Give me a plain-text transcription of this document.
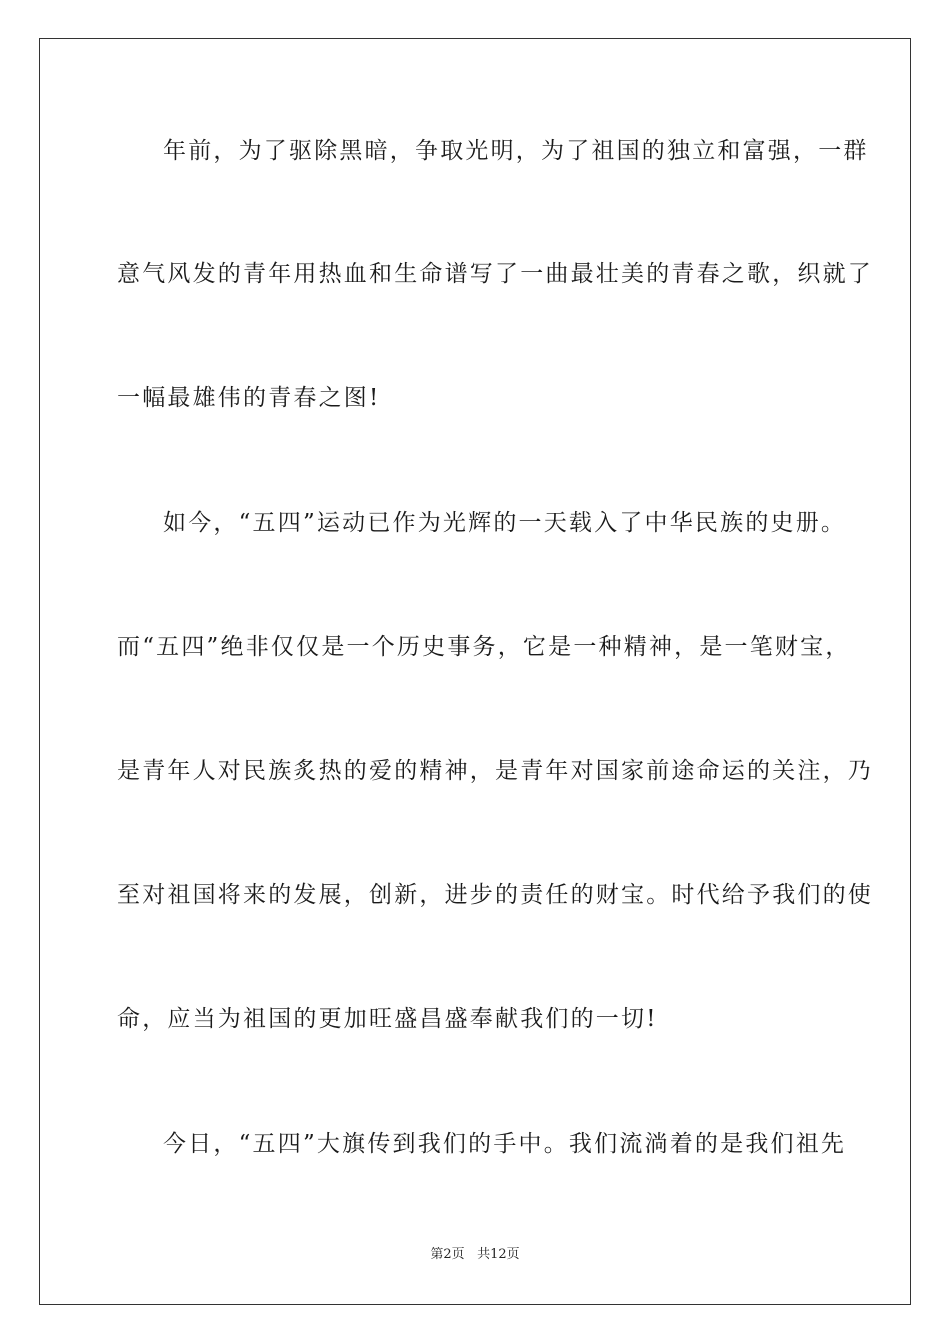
年前，为了驱除黑暗，争取光明，为了祖国的独立和富强，一群
意气风发的青年用热血和生命谱写了一曲最壮美的青春之歌，织就了
一幅最雄伟的青春之图!
如今，“五四”运动已作为光辉的一天载入了中华民族的史册。
而“五四”绝非仅仅是一个历史事务，它是一种精神，是一笔财宝，
是青年人对民族炙热的爱的精神，是青年对国家前途命运的关注，乃
至对祖国将来的发展，创新，进步的责任的财宝。时代给予我们的使
命，应当为祖国的更加旺盛昌盛奉献我们的一切!
今日，“五四”大旗传到我们的手中。我们流淌着的是我们祖先
第2页 共12页
